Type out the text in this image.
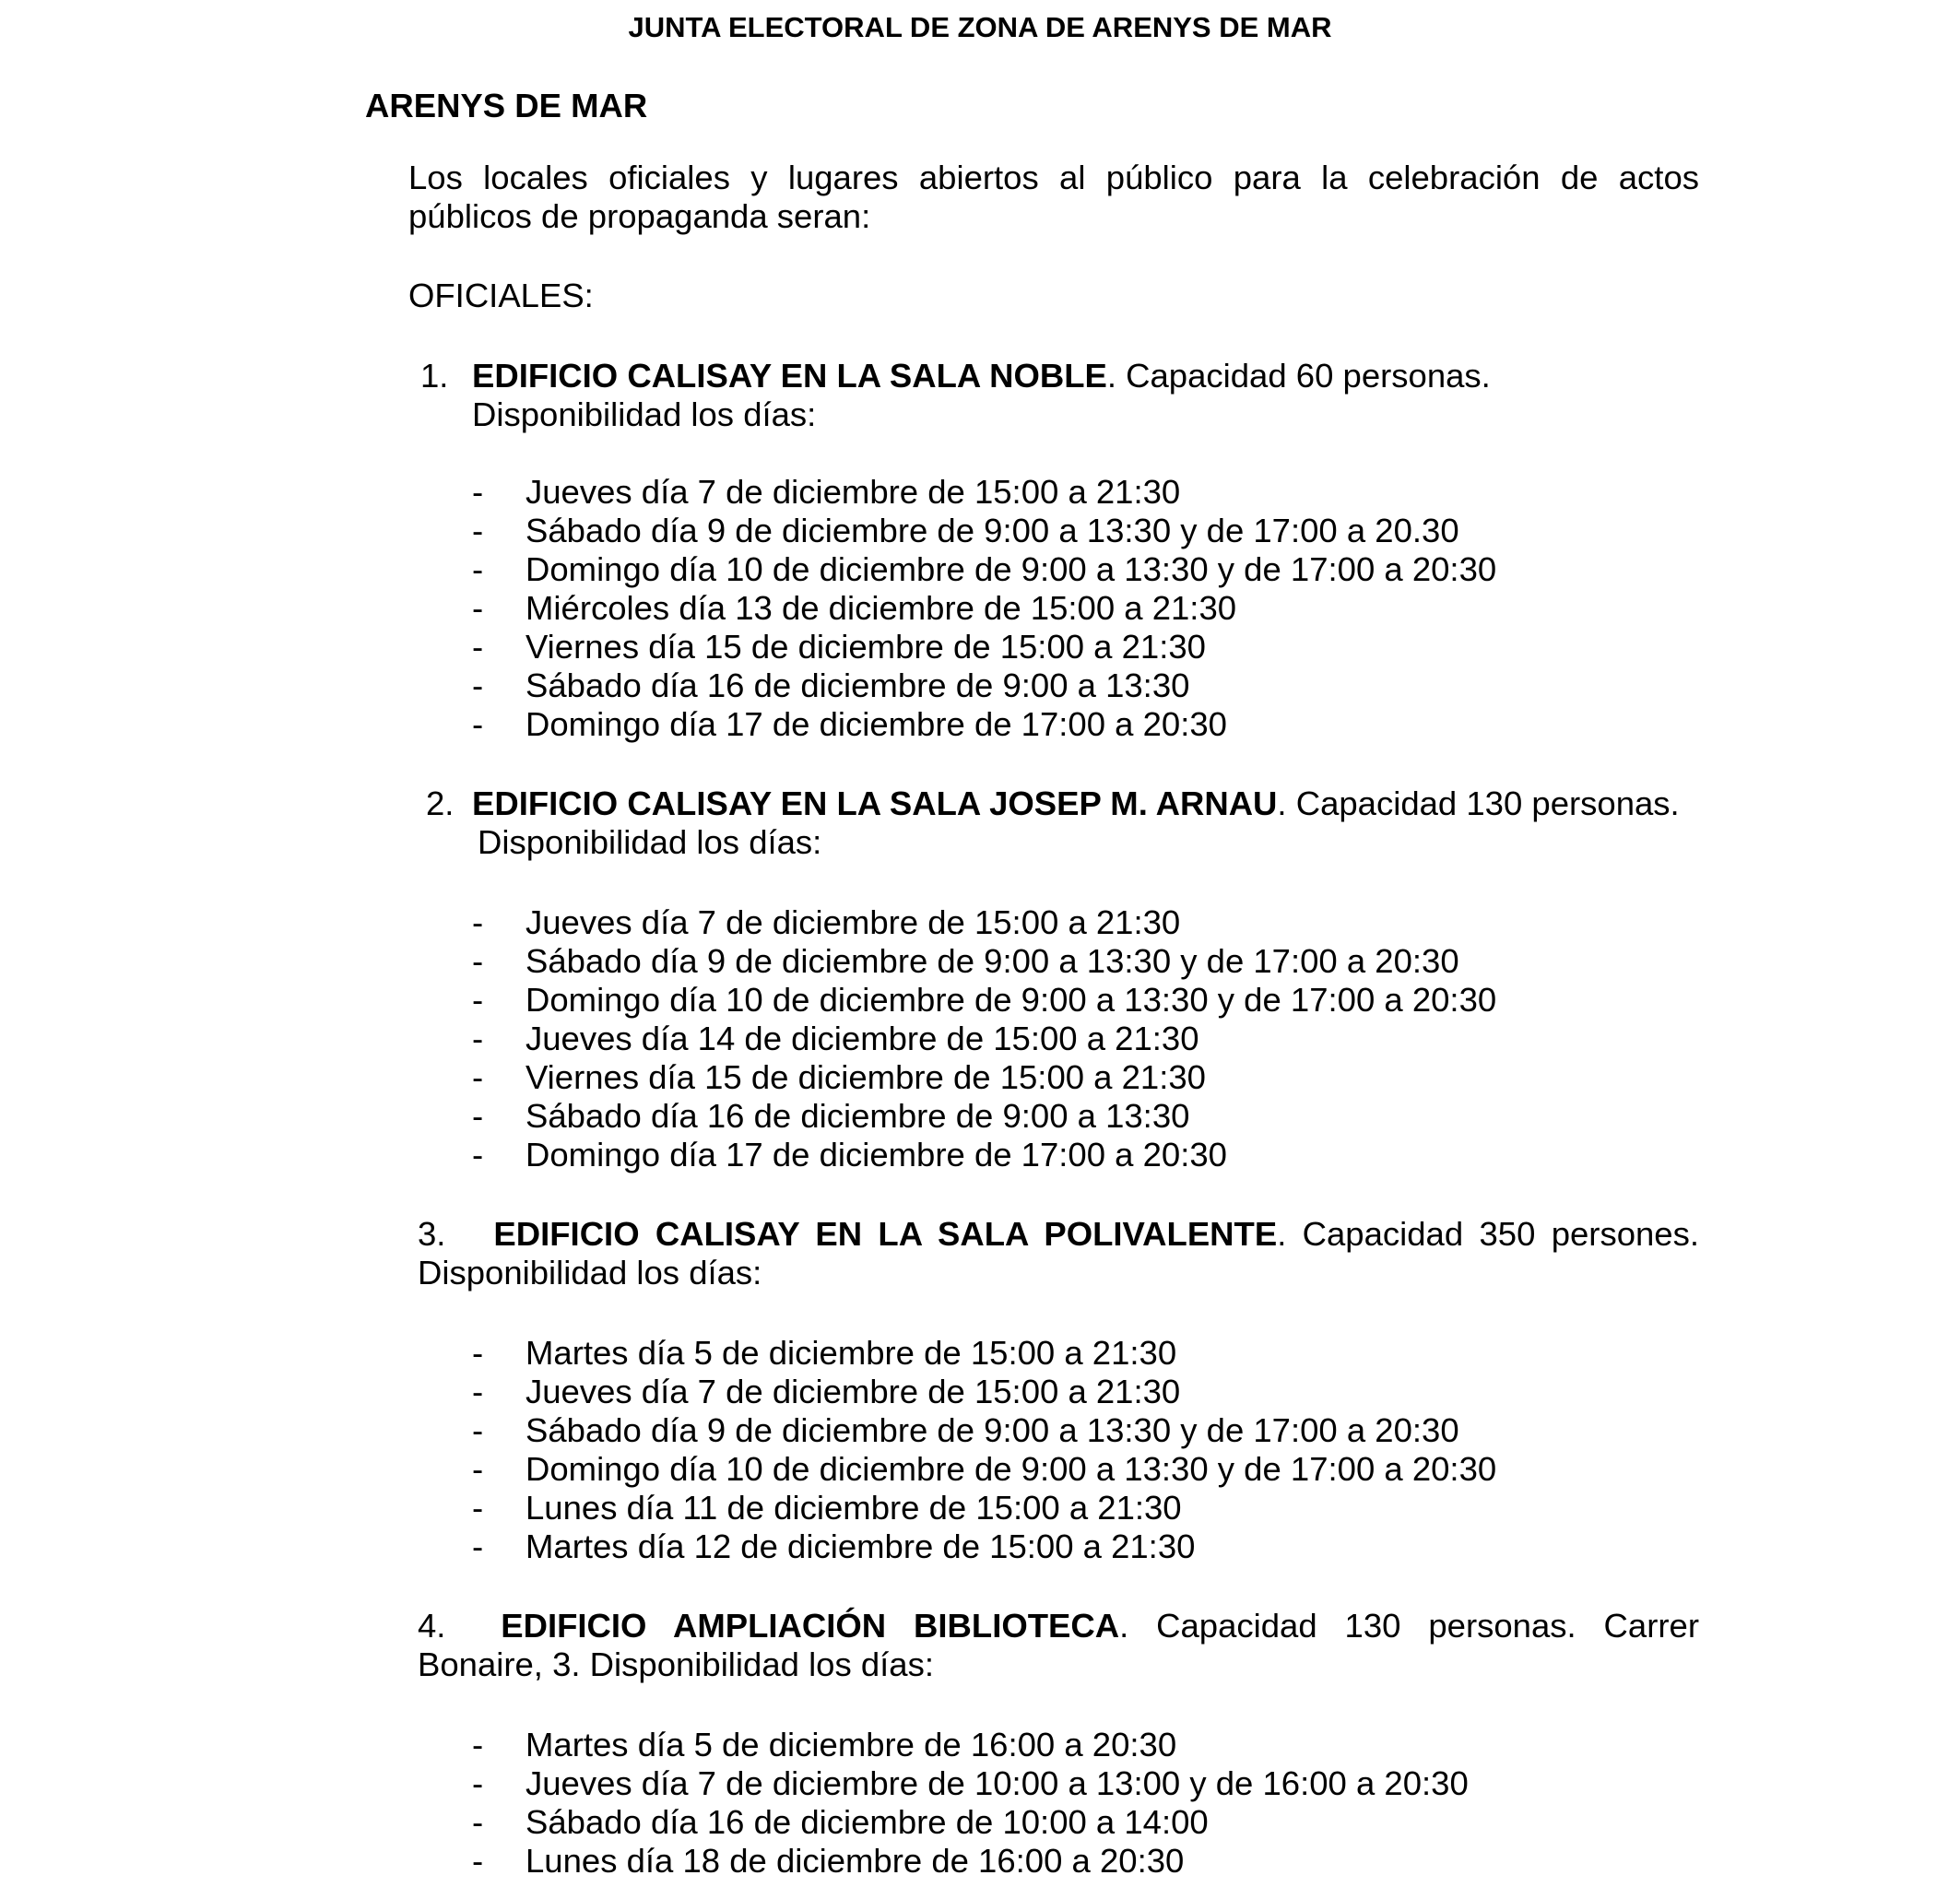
JUNTA ELECTORAL DE ZONA DE ARENYS DE MAR
ARENYS DE MAR
Los locales oficiales y lugares abiertos al público para la celebración de actos
públicos de propaganda seran:
OFICIALES:
1. EDIFICIO CALISAY EN LA SALA NOBLE. Capacidad 60 personas.
Disponibilidad los días:
- Jueves día 7 de diciembre de 15:00 a 21:30
- Sábado día 9 de diciembre de 9:00 a 13:30 y de 17:00 a 20.30
- Domingo día 10 de diciembre de 9:00 a 13:30 y de 17:00 a 20:30
- Miércoles día 13 de diciembre de 15:00 a 21:30
- Viernes día 15 de diciembre de 15:00 a 21:30
- Sábado día 16 de diciembre de 9:00 a 13:30
- Domingo día 17 de diciembre de 17:00 a 20:30
2. EDIFICIO CALISAY EN LA SALA JOSEP M. ARNAU. Capacidad 130 personas.
Disponibilidad los días:
- Jueves día 7 de diciembre de 15:00 a 21:30
- Sábado día 9 de diciembre de 9:00 a 13:30 y de 17:00 a 20:30
- Domingo día 10 de diciembre de 9:00 a 13:30 y de 17:00 a 20:30
- Jueves día 14 de diciembre de 15:00 a 21:30
- Viernes día 15 de diciembre de 15:00 a 21:30
- Sábado día 16 de diciembre de 9:00 a 13:30
- Domingo día 17 de diciembre de 17:00 a 20:30
3. EDIFICIO CALISAY EN LA SALA POLIVALENTE. Capacidad 350 persones.
Disponibilidad los días:
- Martes día 5 de diciembre de 15:00 a 21:30
- Jueves día 7 de diciembre de 15:00 a 21:30
- Sábado día 9 de diciembre de 9:00 a 13:30 y de 17:00 a 20:30
- Domingo día 10 de diciembre de 9:00 a 13:30 y de 17:00 a 20:30
- Lunes día 11 de diciembre de 15:00 a 21:30
- Martes día 12 de diciembre de 15:00 a 21:30
4. EDIFICIO AMPLIACIÓN BIBLIOTECA. Capacidad 130 personas. Carrer
Bonaire, 3. Disponibilidad los días:
- Martes día 5 de diciembre de 16:00 a 20:30
- Jueves día 7 de diciembre de 10:00 a 13:00 y de 16:00 a 20:30
- Sábado día 16 de diciembre de 10:00 a 14:00
- Lunes día 18 de diciembre de 16:00 a 20:30
